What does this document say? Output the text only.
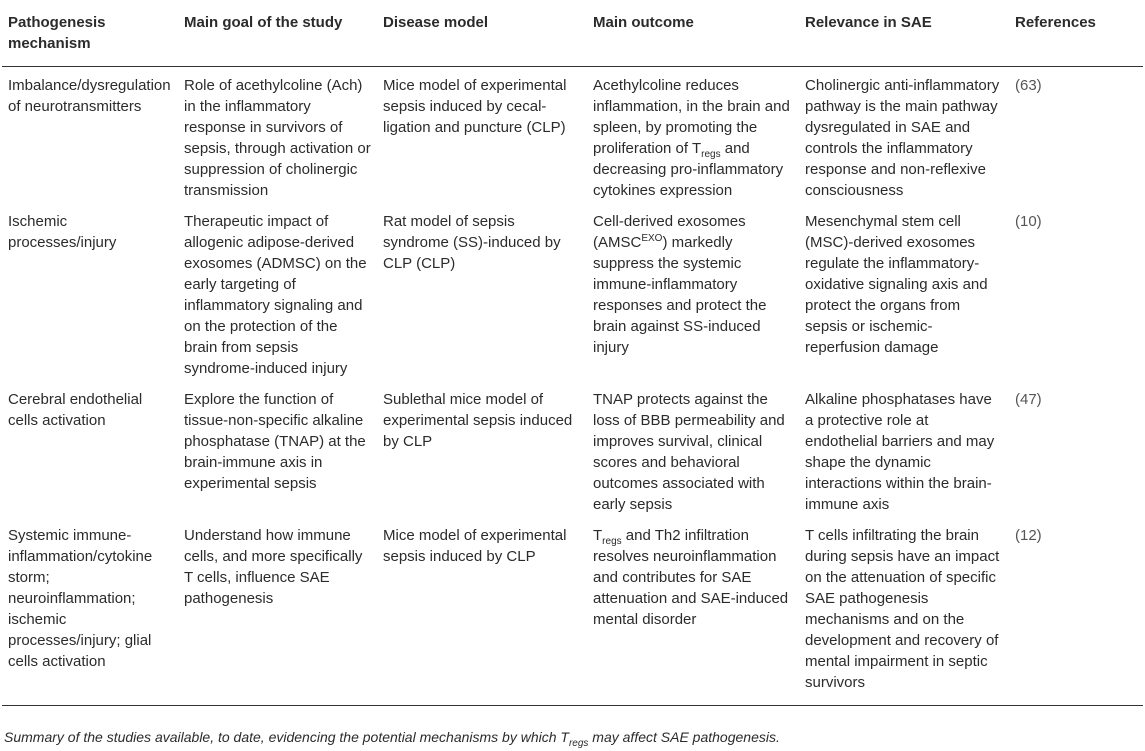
Pathogenesis mechanism	Main goal of the study	Disease model	Main outcome	Relevance in SAE	References
Imbalance/dysregulation of neurotransmitters	Role of acethylcoline (Ach) in the inflammatory response in survivors of sepsis, through activation or suppression of cholinergic transmission	Mice model of experimental sepsis induced by cecal-ligation and puncture (CLP)	Acethylcoline reduces inflammation, in the brain and spleen, by promoting the proliferation of $T_{regs}$ and decreasing pro-inflammatory cytokines expression	Cholinergic anti-inflammatory pathway is the main pathway dysregulated in SAE and controls the inflammatory response and non-reflexive consciousness	(63)
Ischemic processes/injury	Therapeutic impact of allogenic adipose-derived exosomes (ADMSC) on the early targeting of inflammatory signaling and on the protection of the brain from sepsis syndrome-induced injury	Rat model of sepsis syndrome (SS)-induced by CLP (CLP)	Cell-derived exosomes $(AMSC^{EXO})$ markedly suppress the systemic immune-inflammatory responses and protect the brain against SS-induced injury	Mesenchymal stem cell (MSC)-derived exosomes regulate the inflammatory-oxidative signaling axis and protect the organs from sepsis or ischemic-reperfusion damage	(10)
Cerebral endothelial cells activation	Explore the function of tissue-non-specific alkaline phosphatase (TNAP) at the brain-immune axis in experimental sepsis	Sublethal mice model of experimental sepsis induced by CLP	TNAP protects against the loss of BBB permeability and improves survival, clinical scores and behavioral outcomes associated with early sepsis	Alkaline phosphatases have a protective role at endothelial barriers and may shape the dynamic interactions within the brain-immune axis	(47)
Systemic immune-inflammation/cytokine storm; neuroinflammation; ischemic processes/injury; glial cells activation	Understand how immune cells, and more specifically T cells, influence SAE pathogenesis	Mice model of experimental sepsis induced by CLP	$T_{regs}$ and Th2 infiltration resolves neuroinflammation and contributes for SAE attenuation and SAE-induced mental disorder	T cells infiltrating the brain during sepsis have an impact on the attenuation of specific SAE pathogenesis mechanisms and on the development and recovery of mental impairment in septic survivors	(12)
Summary of the studies available, to date, evidencing the potential mechanisms by which $T_{regs}$ may affect SAE pathogenesis.
